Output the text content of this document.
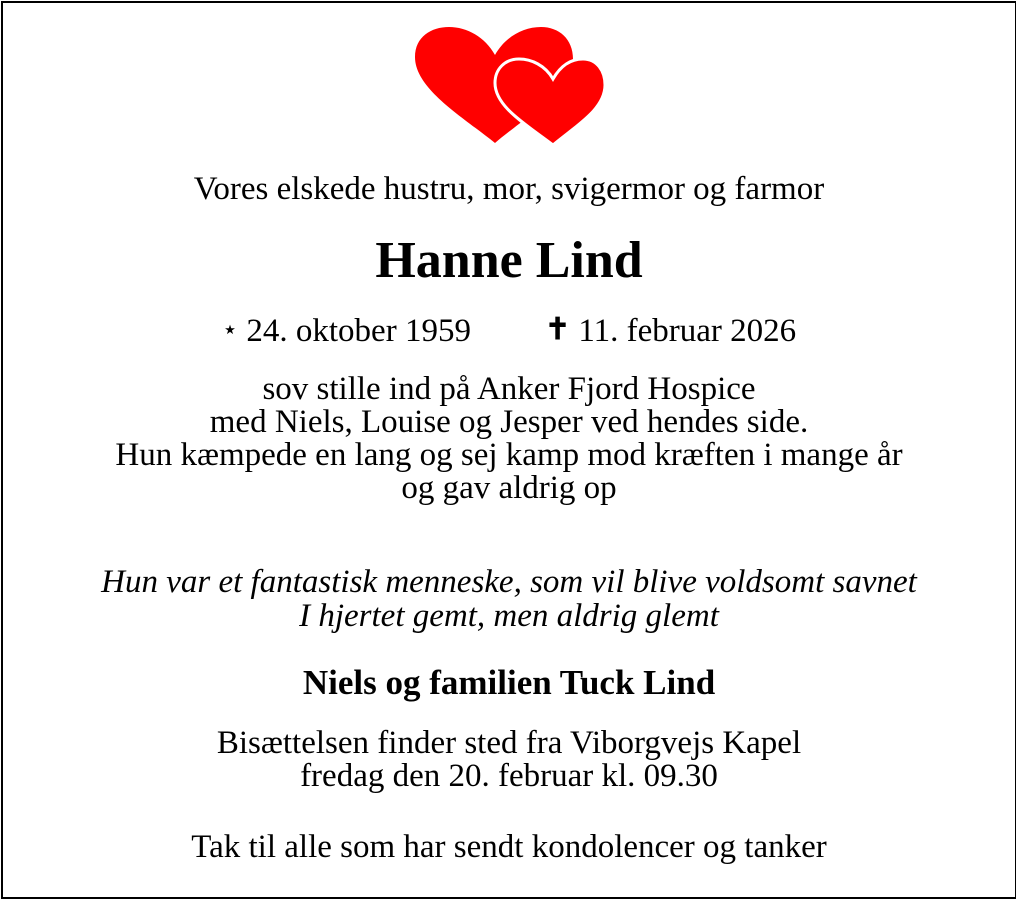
Vores elskede hustru, mor, svigermor og farmor
Hanne Lind
⋆ 24. oktober 1959 ✝ 11. februar 2026
sov stille ind på Anker Fjord Hospice
med Niels, Louise og Jesper ved hendes side.
Hun kæmpede en lang og sej kamp mod kræften i mange år
og gav aldrig op
Hun var et fantastisk menneske, som vil blive voldsomt savnet
I hjertet gemt, men aldrig glemt
Niels og familien Tuck Lind
Bisættelsen finder sted fra Viborgvejs Kapel
fredag den 20. februar kl. 09.30
Tak til alle som har sendt kondolencer og tanker
